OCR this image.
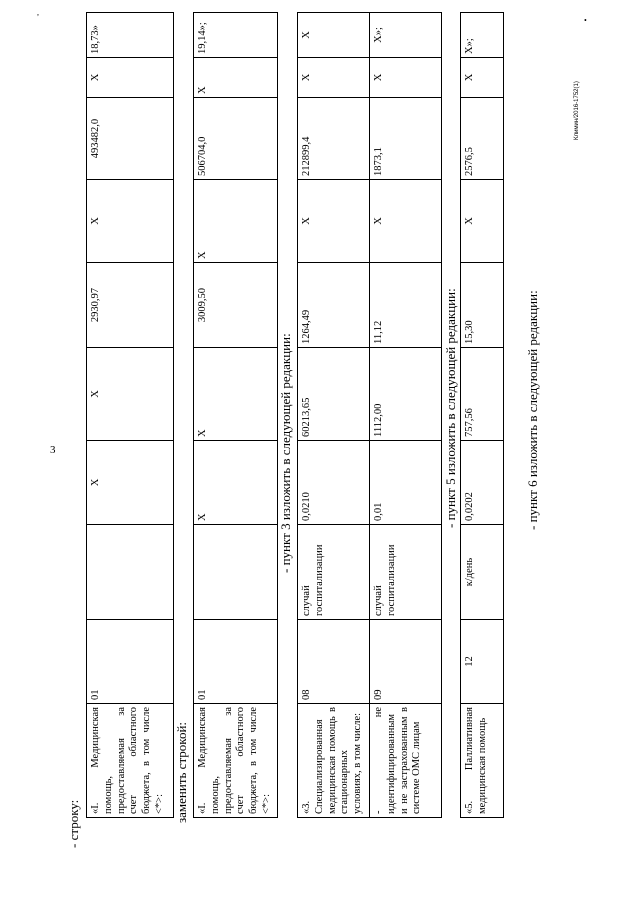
3
Климин/2016-1752(1)
,
•
- строку:
«I. Медицинская помощь, предоставляемая за счет областного бюджета, в том числе <*>:	01		X	X	2930,97	X	493482,0	X	18,73»
заменить строкой: «I. Медицинская помощь, предоставляемая за счет областного бюджета, в том числе <*>:	01		X	X	3009,50	X	506704,0	X	19,14»;
- пункт 3 изложить в следующей редакции:
«3. Специализированная медицинская помощь в стационарных условиях, в том числе:	08	случай госпитализации	0,0210	60213,65	1264,49	X	212899,4	X	X
- не идентифицированным и не застрахованным в системе ОМС лицам	09	случай госпитализации	0,01	1112,00	11,12	X	1873,1	X	X»;
- пункт 5 изложить в следующей редакции:
«5. Паллиативная медицинская помощь	12	к/день	0,0202	757,56	15,30	X	2576,5	X	X»;
- пункт 6 изложить в следующей редакции:
